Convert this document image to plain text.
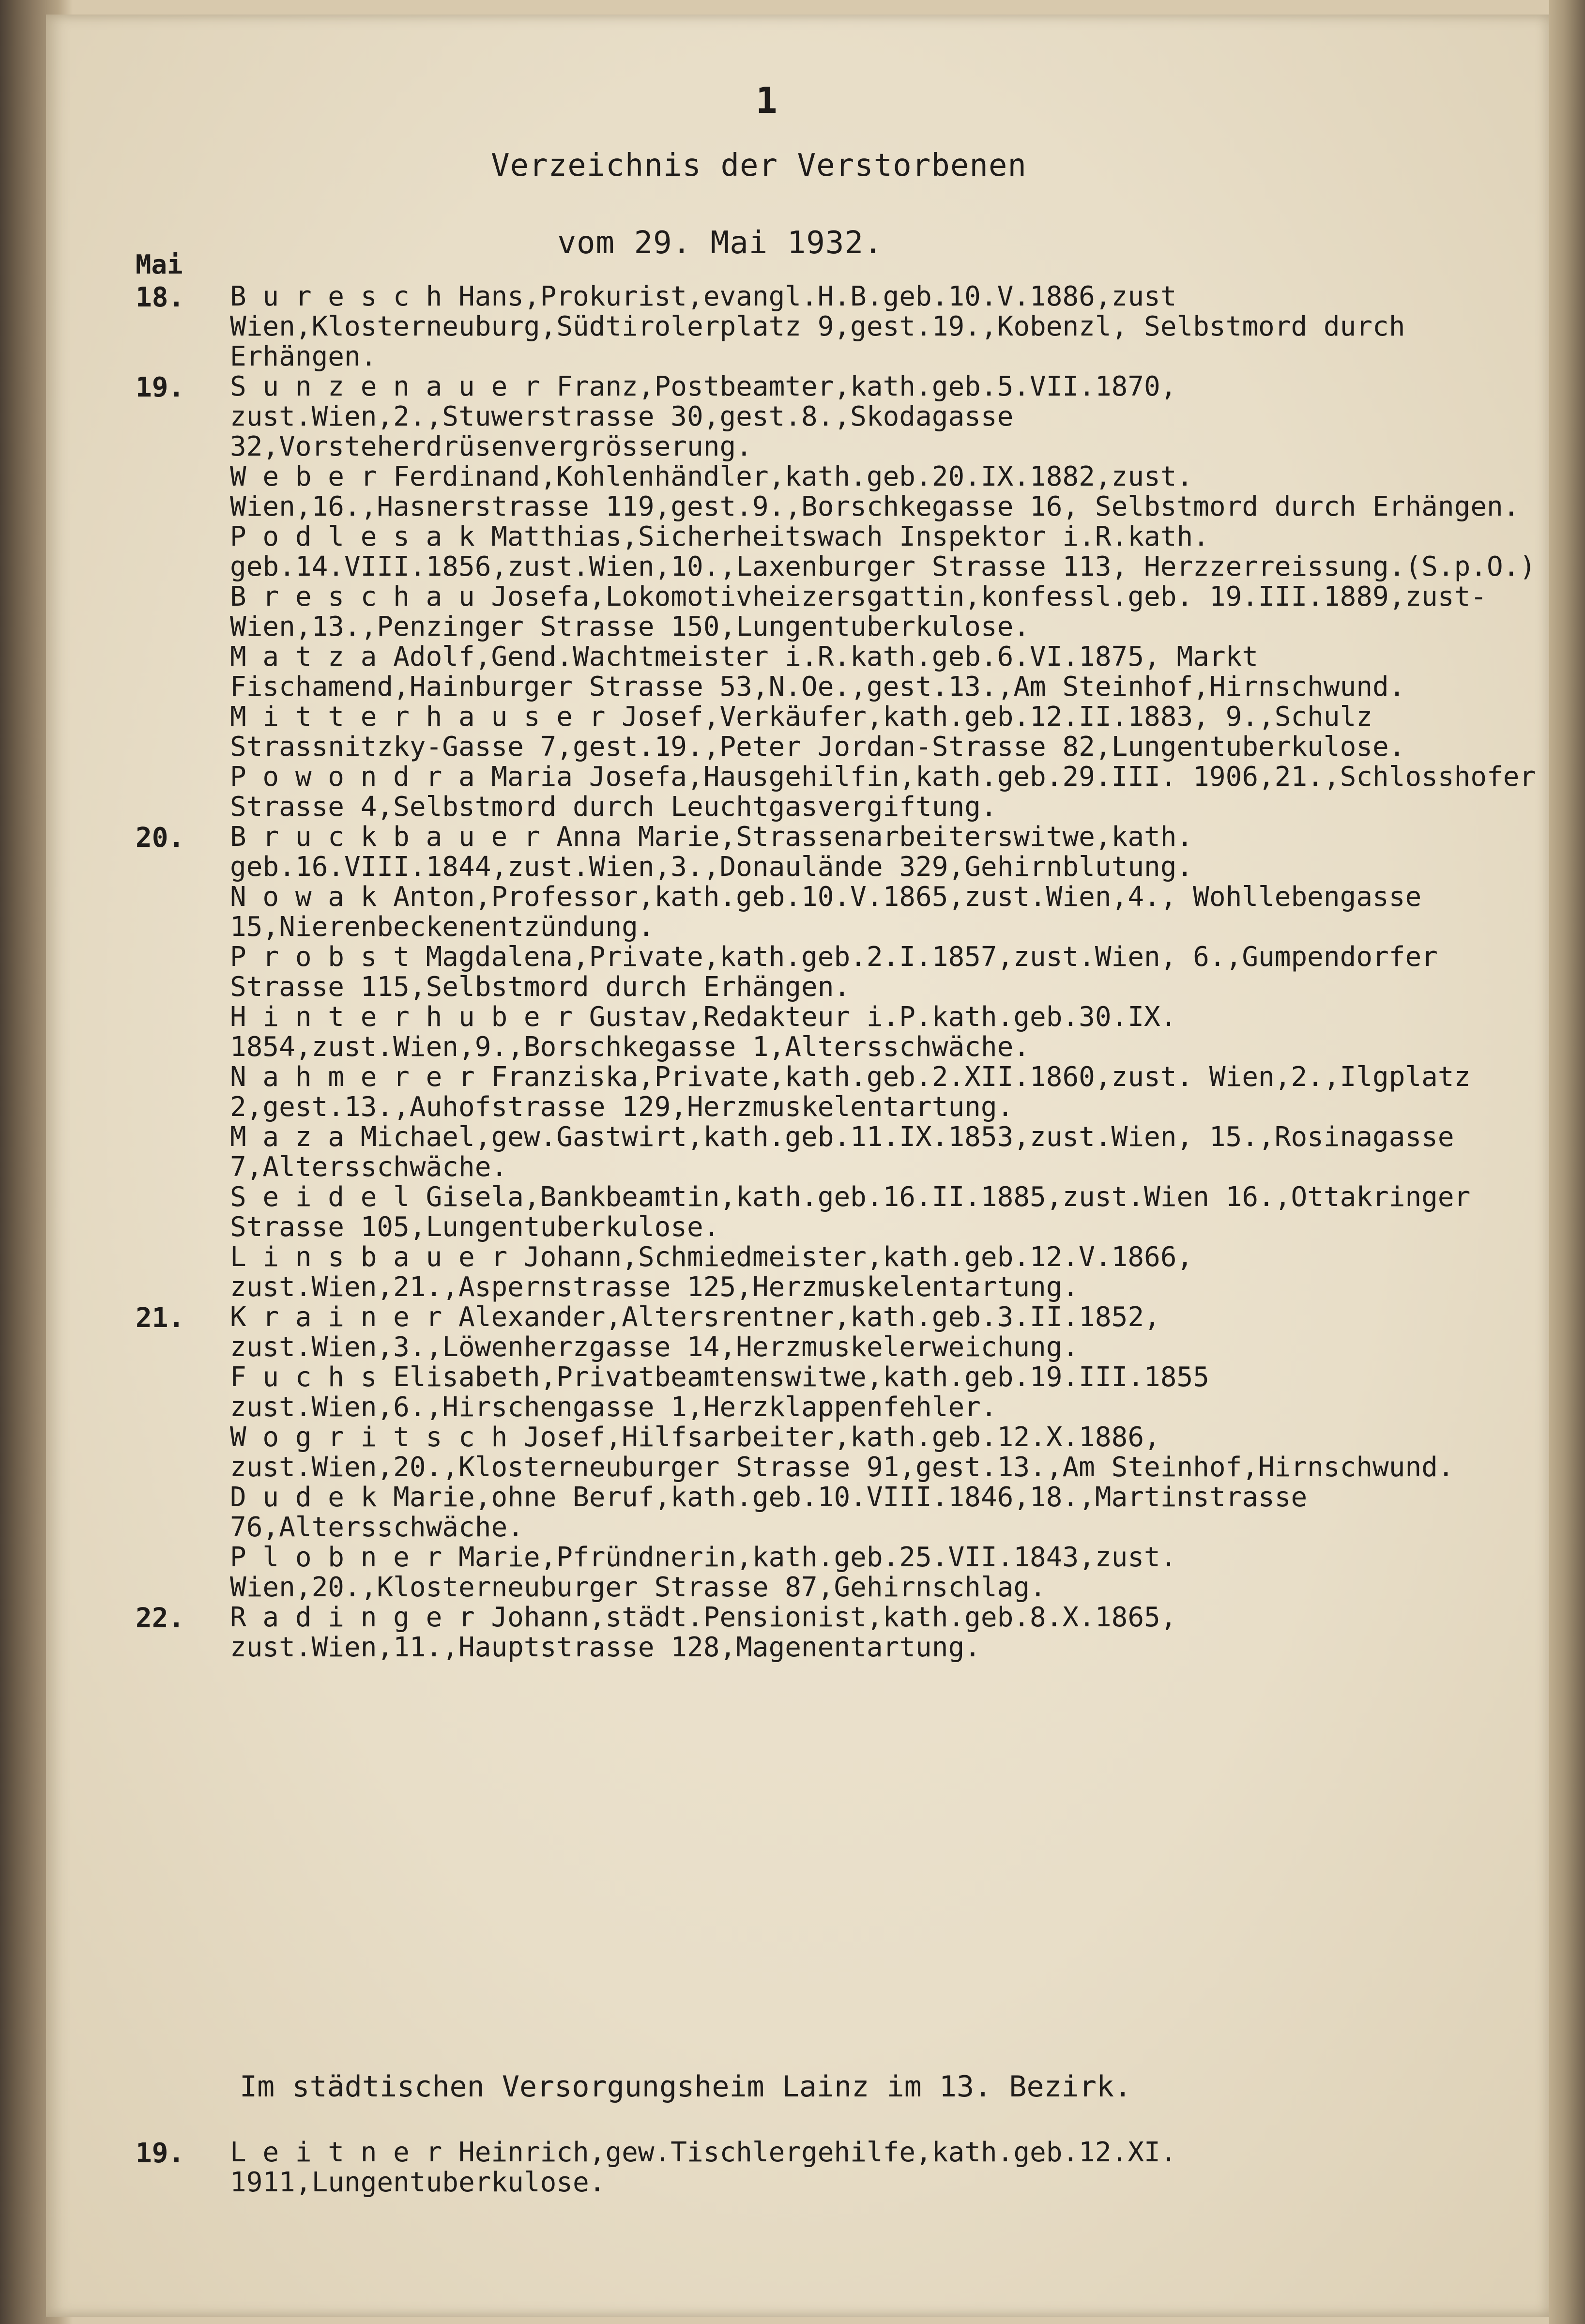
1
Verzeichnis der Verstorbenen
vom 29. Mai 1932.
Mai
18. B u r e s c h Hans,Prokurist,evangl.H.B.geb.10.V.1886,zust Wien,Klosterneuburg,Südtirolerplatz 9,gest.19.,Kobenzl, Selbstmord durch Erhängen.
19. S u n z e n a u e r Franz,Postbeamter,kath.geb.5.VII.1870, zust.Wien,2.,Stuwerstrasse 30,gest.8.,Skodagasse 32,Vorsteherdrüsenvergrösserung.
W e b e r Ferdinand,Kohlenhändler,kath.geb.20.IX.1882,zust. Wien,16.,Hasnerstrasse 119,gest.9.,Borschkegasse 16, Selbstmord durch Erhängen.
P o d l e s a k Matthias,Sicherheitswach Inspektor i.R.kath. geb.14.VIII.1856,zust.Wien,10.,Laxenburger Strasse 113, Herzzerreissung.(S.p.O.)
B r e s c h a u Josefa,Lokomotivheizersgattin,konfessl.geb. 19.III.1889,zust-Wien,13.,Penzinger Strasse 150,Lungentuberkulose.
M a t z a Adolf,Gend.Wachtmeister i.R.kath.geb.6.VI.1875, Markt Fischamend,Hainburger Strasse 53,N.Oe.,gest.13.,Am Steinhof,Hirnschwund.
M i t t e r h a u s e r Josef,Verkäufer,kath.geb.12.II.1883, 9.,Schulz Strassnitzky-Gasse 7,gest.19.,Peter Jordan-Strasse 82,Lungentuberkulose.
P o w o n d r a Maria Josefa,Hausgehilfin,kath.geb.29.III. 1906,21.,Schlosshofer Strasse 4,Selbstmord durch Leuchtgasvergiftung.
20. B r u c k b a u e r Anna Marie,Strassenarbeiterswitwe,kath. geb.16.VIII.1844,zust.Wien,3.,Donaulände 329,Gehirnblutung.
N o w a k Anton,Professor,kath.geb.10.V.1865,zust.Wien,4., Wohllebengasse 15,Nierenbeckenentzündung.
P r o b s t Magdalena,Private,kath.geb.2.I.1857,zust.Wien, 6.,Gumpendorfer Strasse 115,Selbstmord durch Erhängen.
H i n t e r h u b e r Gustav,Redakteur i.P.kath.geb.30.IX. 1854,zust.Wien,9.,Borschkegasse 1,Altersschwäche.
N a h m e r e r Franziska,Private,kath.geb.2.XII.1860,zust. Wien,2.,Ilgplatz 2,gest.13.,Auhofstrasse 129,Herzmuskelentartung.
M a z a Michael,gew.Gastwirt,kath.geb.11.IX.1853,zust.Wien, 15.,Rosinagasse 7,Altersschwäche.
S e i d e l Gisela,Bankbeamtin,kath.geb.16.II.1885,zust.Wien 16.,Ottakringer Strasse 105,Lungentuberkulose.
L i n s b a u e r Johann,Schmiedmeister,kath.geb.12.V.1866, zust.Wien,21.,Aspernstrasse 125,Herzmuskelentartung.
21. K r a i n e r Alexander,Altersrentner,kath.geb.3.II.1852, zust.Wien,3.,Löwenherzgasse 14,Herzmuskelerweichung.
F u c h s Elisabeth,Privatbeamtenswitwe,kath.geb.19.III.1855 zust.Wien,6.,Hirschengasse 1,Herzklappenfehler.
W o g r i t s c h Josef,Hilfsarbeiter,kath.geb.12.X.1886, zust.Wien,20.,Klosterneuburger Strasse 91,gest.13.,Am Steinhof,Hirnschwund.
D u d e k Marie,ohne Beruf,kath.geb.10.VIII.1846,18.,Martinstrasse 76,Altersschwäche.
P l o b n e r Marie,Pfründnerin,kath.geb.25.VII.1843,zust. Wien,20.,Klosterneuburger Strasse 87,Gehirnschlag.
22. R a d i n g e r Johann,städt.Pensionist,kath.geb.8.X.1865, zust.Wien,11.,Hauptstrasse 128,Magenentartung.
Im städtischen Versorgungsheim Lainz im 13. Bezirk.
19. L e i t n e r Heinrich,gew.Tischlergehilfe,kath.geb.12.XI. 1911,Lungentuberkulose.
